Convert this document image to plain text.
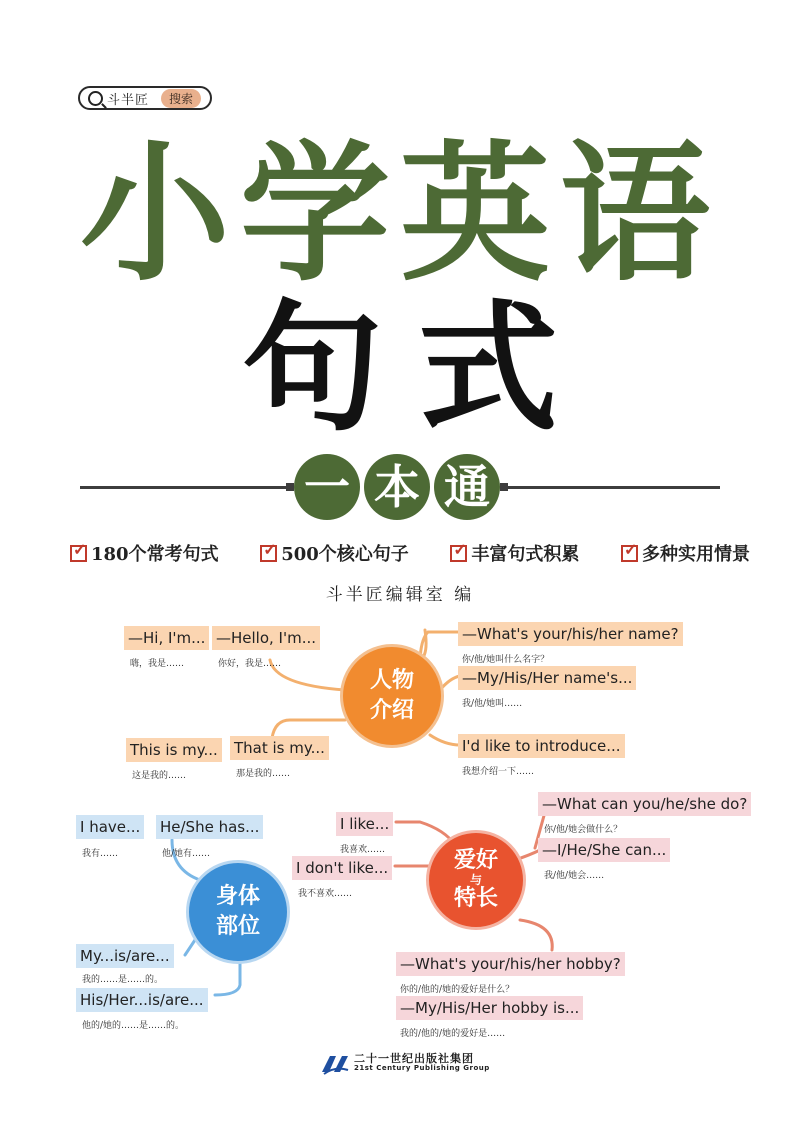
斗半匠	搜索
小学英语
句式
一 本 通
✓
180个常考句式 ✓	500个核心句子 ✓	丰富句式积累 ✓	多种实用情景
斗半匠编辑室 编
人物
介绍
—Hi, I'm...
嗨，我是……
—Hello, I'm...
你好，我是……
—What's your/his/her name?
你/他/她叫什么名字？
—My/His/Her name's...
我/他/她叫……
This is my...
这是我的……
That is my...
那是我的……
I'd like to introduce...
我想介绍一下……
身体
部位
I have...
我有……
He/She has...
他/她有……
My...is/are...
我的……是……的。
His/Her...is/are...
他的/她的……是……的。
爱好
与
特长
—What can you/he/she do?
你/他/她会做什么？
I like...
我喜欢……	—I/He/She can...
我/他/她会……
I don't like...
我不喜欢……
—What's your/his/her hobby?
你的/他的/她的爱好是什么？
—My/His/Her hobby is...
我的/他的/她的爱好是……
二十一世纪出版社集团
21st Century Publishing Group
